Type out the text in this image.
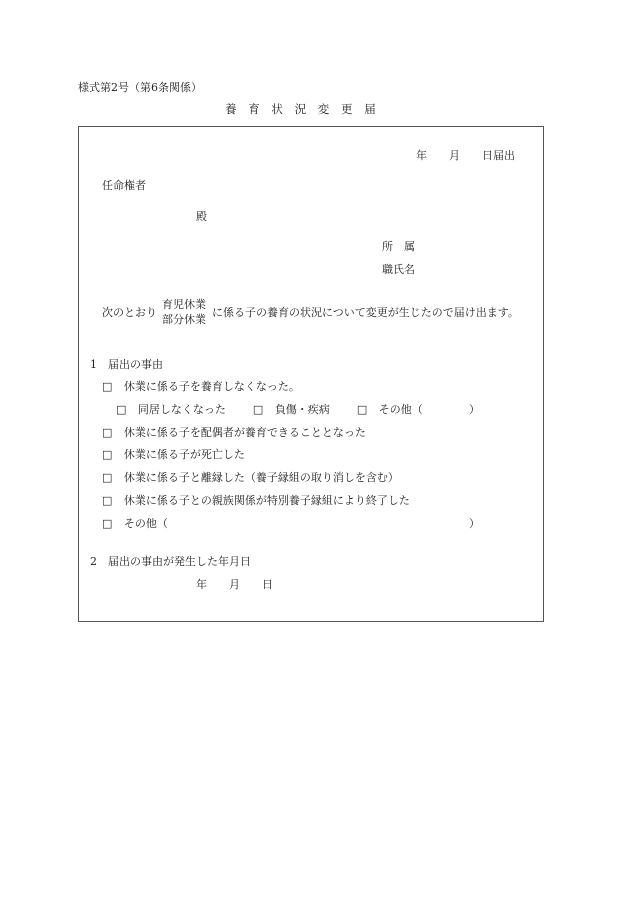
様式第2号（第6条関係）
養　育　状　況　変　更　届
年　　月　　日届出
任命権者
殿
所　属
職氏名
次のとおり
育児休業
部分休業
に係る子の養育の状況について変更が生じたので届け出ます。
1　届出の事由
□ 休業に係る子を養育しなくなった。
□ 同居しなくなった □ 負傷・疾病 □ その他（	）
□ 休業に係る子を配偶者が養育できることとなった
□ 休業に係る子が死亡した
□ 休業に係る子と離縁した（養子縁組の取り消しを含む）
□ 休業に係る子との親族関係が特別養子縁組により終了した
□ その他（	）
2　届出の事由が発生した年月日
年　　月　　日
